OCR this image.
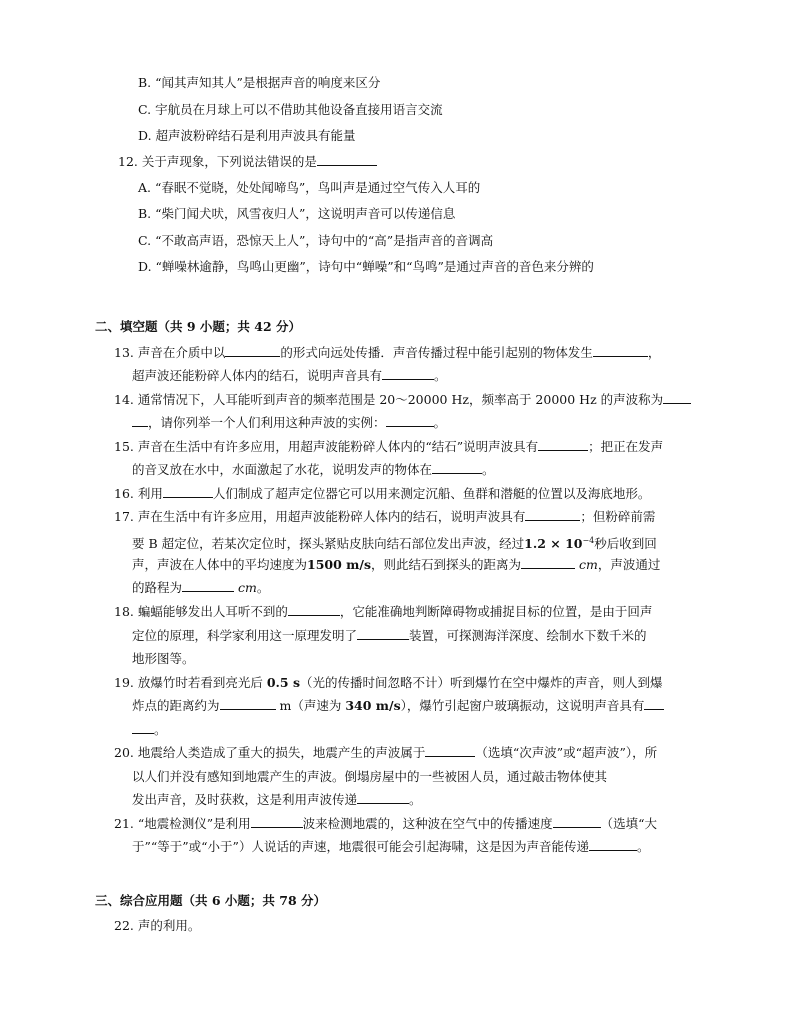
B. “闻其声知其人”是根据声音的响度来区分
C. 宇航员在月球上可以不借助其他设备直接用语言交流
D. 超声波粉碎结石是利用声波具有能量
12. 关于声现象，下列说法错误的是
A. “春眠不觉晓，处处闻啼鸟”，鸟叫声是通过空气传入人耳的
B. “柴门闻犬吠，风雪夜归人”，这说明声音可以传递信息
C. “不敢高声语，恐惊天上人”，诗句中的“高”是指声音的音调高
D. “蝉噪林逾静，鸟鸣山更幽”，诗句中“蝉噪”和“鸟鸣”是通过声音的音色来分辨的
二、填空题（共 9 小题；共 42 分）
13. 声音在介质中以	的形式向远处传播．声音传播过程中能引起别的物体发生	，
超声波还能粉碎人体内的结石，说明声音具有	。
14. 通常情况下，人耳能听到声音的频率范围是 20～20000 Hz，频率高于 20000 Hz 的声波称为
，请你列举一个人们利用这种声波的实例：	。
15. 声音在生活中有许多应用，用超声波能粉碎人体内的“结石”说明声波具有	；把正在发声
的音叉放在水中，水面激起了水花，说明发声的物体在	。
16. 利用	人们制成了超声定位器它可以用来测定沉船、鱼群和潜艇的位置以及海底地形。
17. 声在生活中有许多应用，用超声波能粉碎人体内的结石，说明声波具有	；但粉碎前需
要 B 超定位，若某次定位时，探头紧贴皮肤向结石部位发出声波，经过$1.2 \times 10^{-4}$秒后收到回
声，声波在人体中的平均速度为1500 m/s，则此结石到探头的距离为	cm，声波通过
的路程为	cm。
18. 蝙蝠能够发出人耳听不到的	，它能准确地判断障碍物或捕捉目标的位置，是由于回声
定位的原理，科学家利用这一原理发明了	装置，可探测海洋深度、绘制水下数千米的
地形图等。
19. 放爆竹时若看到亮光后 0.5 s（光的传播时间忽略不计）听到爆竹在空中爆炸的声音，则人到爆
炸点的距离约为	m（声速为 340 m/s），爆竹引起窗户玻璃振动，这说明声音具有
。
20. 地震给人类造成了重大的损失，地震产生的声波属于	（选填“次声波”或“超声波”），所
以人们并没有感知到地震产生的声波。倒塌房屋中的一些被困人员，通过敲击物体使其
发出声音，及时获救，这是利用声波传递	。
21. “地震检测仪”是利用	波来检测地震的，这种波在空气中的传播速度	（选填“大
于”“等于”或“小于”）人说话的声速，地震很可能会引起海啸，这是因为声音能传递	。
三、综合应用题（共 6 小题；共 78 分）
22. 声的利用。
